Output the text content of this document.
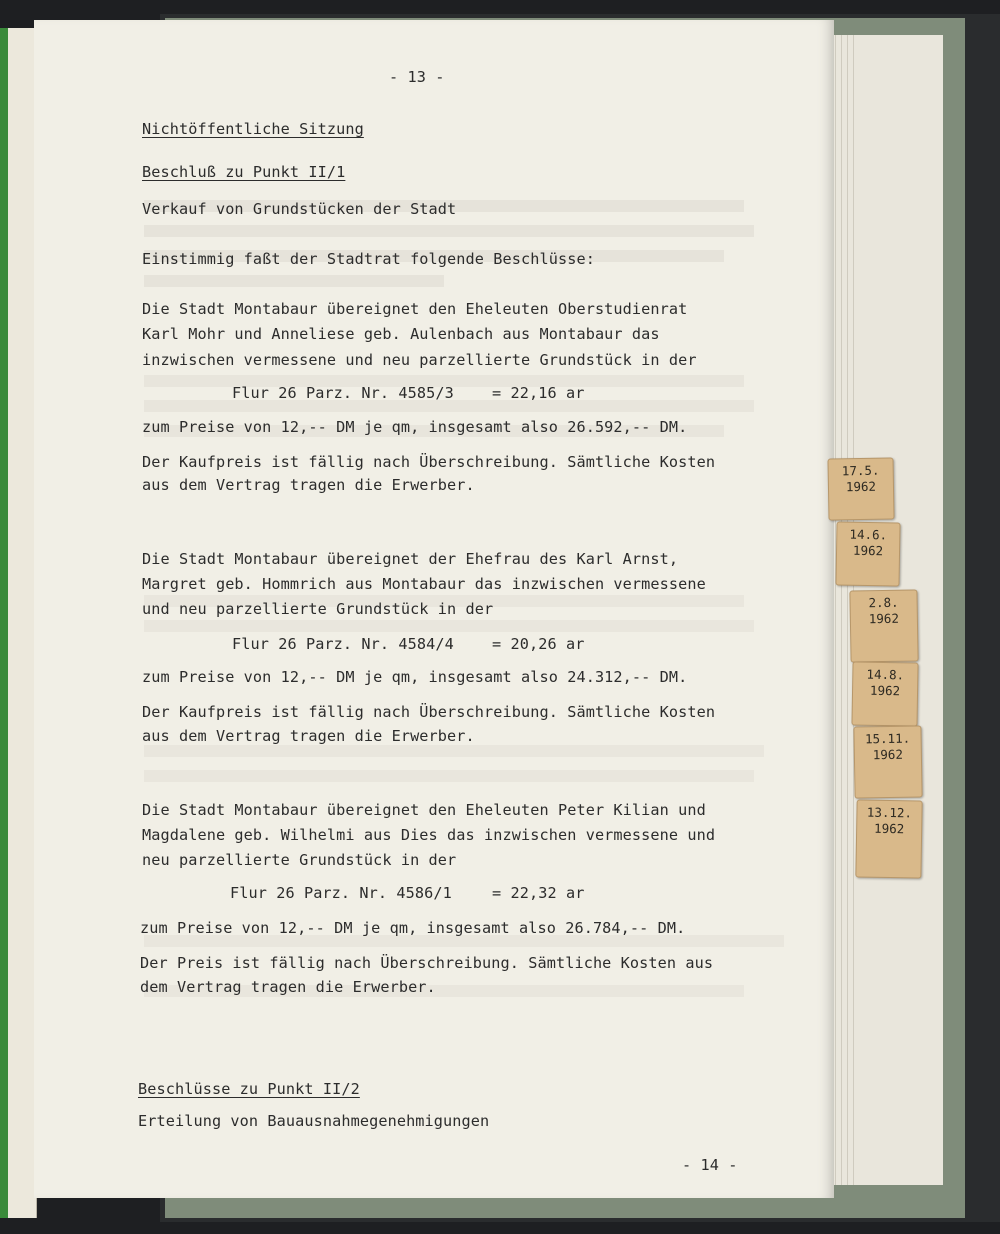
- 13 -
Nichtöffentliche Sitzung
Beschluß zu Punkt II/1
Verkauf von Grundstücken der Stadt
Einstimmig faßt der Stadtrat folgende Beschlüsse:
Die Stadt Montabaur übereignet den Eheleuten Oberstudienrat
Karl Mohr und Anneliese geb. Aulenbach aus Montabaur das
inzwischen vermessene und neu parzellierte Grundstück in der
Flur 26 Parz. Nr. 4585/3	= 22,16 ar
zum Preise von 12,-- DM je qm, insgesamt also 26.592,-- DM.
Der Kaufpreis ist fällig nach Überschreibung. Sämtliche Kosten
aus dem Vertrag tragen die Erwerber.
Die Stadt Montabaur übereignet der Ehefrau des Karl Arnst,
Margret geb. Hommrich aus Montabaur das inzwischen vermessene
und neu parzellierte Grundstück in der
Flur 26 Parz. Nr. 4584/4	= 20,26 ar
zum Preise von 12,-- DM je qm, insgesamt also 24.312,-- DM.
Der Kaufpreis ist fällig nach Überschreibung. Sämtliche Kosten
aus dem Vertrag tragen die Erwerber.
Die Stadt Montabaur übereignet den Eheleuten Peter Kilian und
Magdalene geb. Wilhelmi aus Dies das inzwischen vermessene und
neu parzellierte Grundstück in der
Flur 26 Parz. Nr. 4586/1	= 22,32 ar
zum Preise von 12,-- DM je qm, insgesamt also 26.784,-- DM.
Der Preis ist fällig nach Überschreibung. Sämtliche Kosten aus
dem Vertrag tragen die Erwerber.
Beschlüsse zu Punkt II/2
Erteilung von Bauausnahmegenehmigungen
- 14 -
17.5.
1962
14.6.
1962
2.8.
1962
14.8.
1962
15.11.
1962
13.12.
1962
